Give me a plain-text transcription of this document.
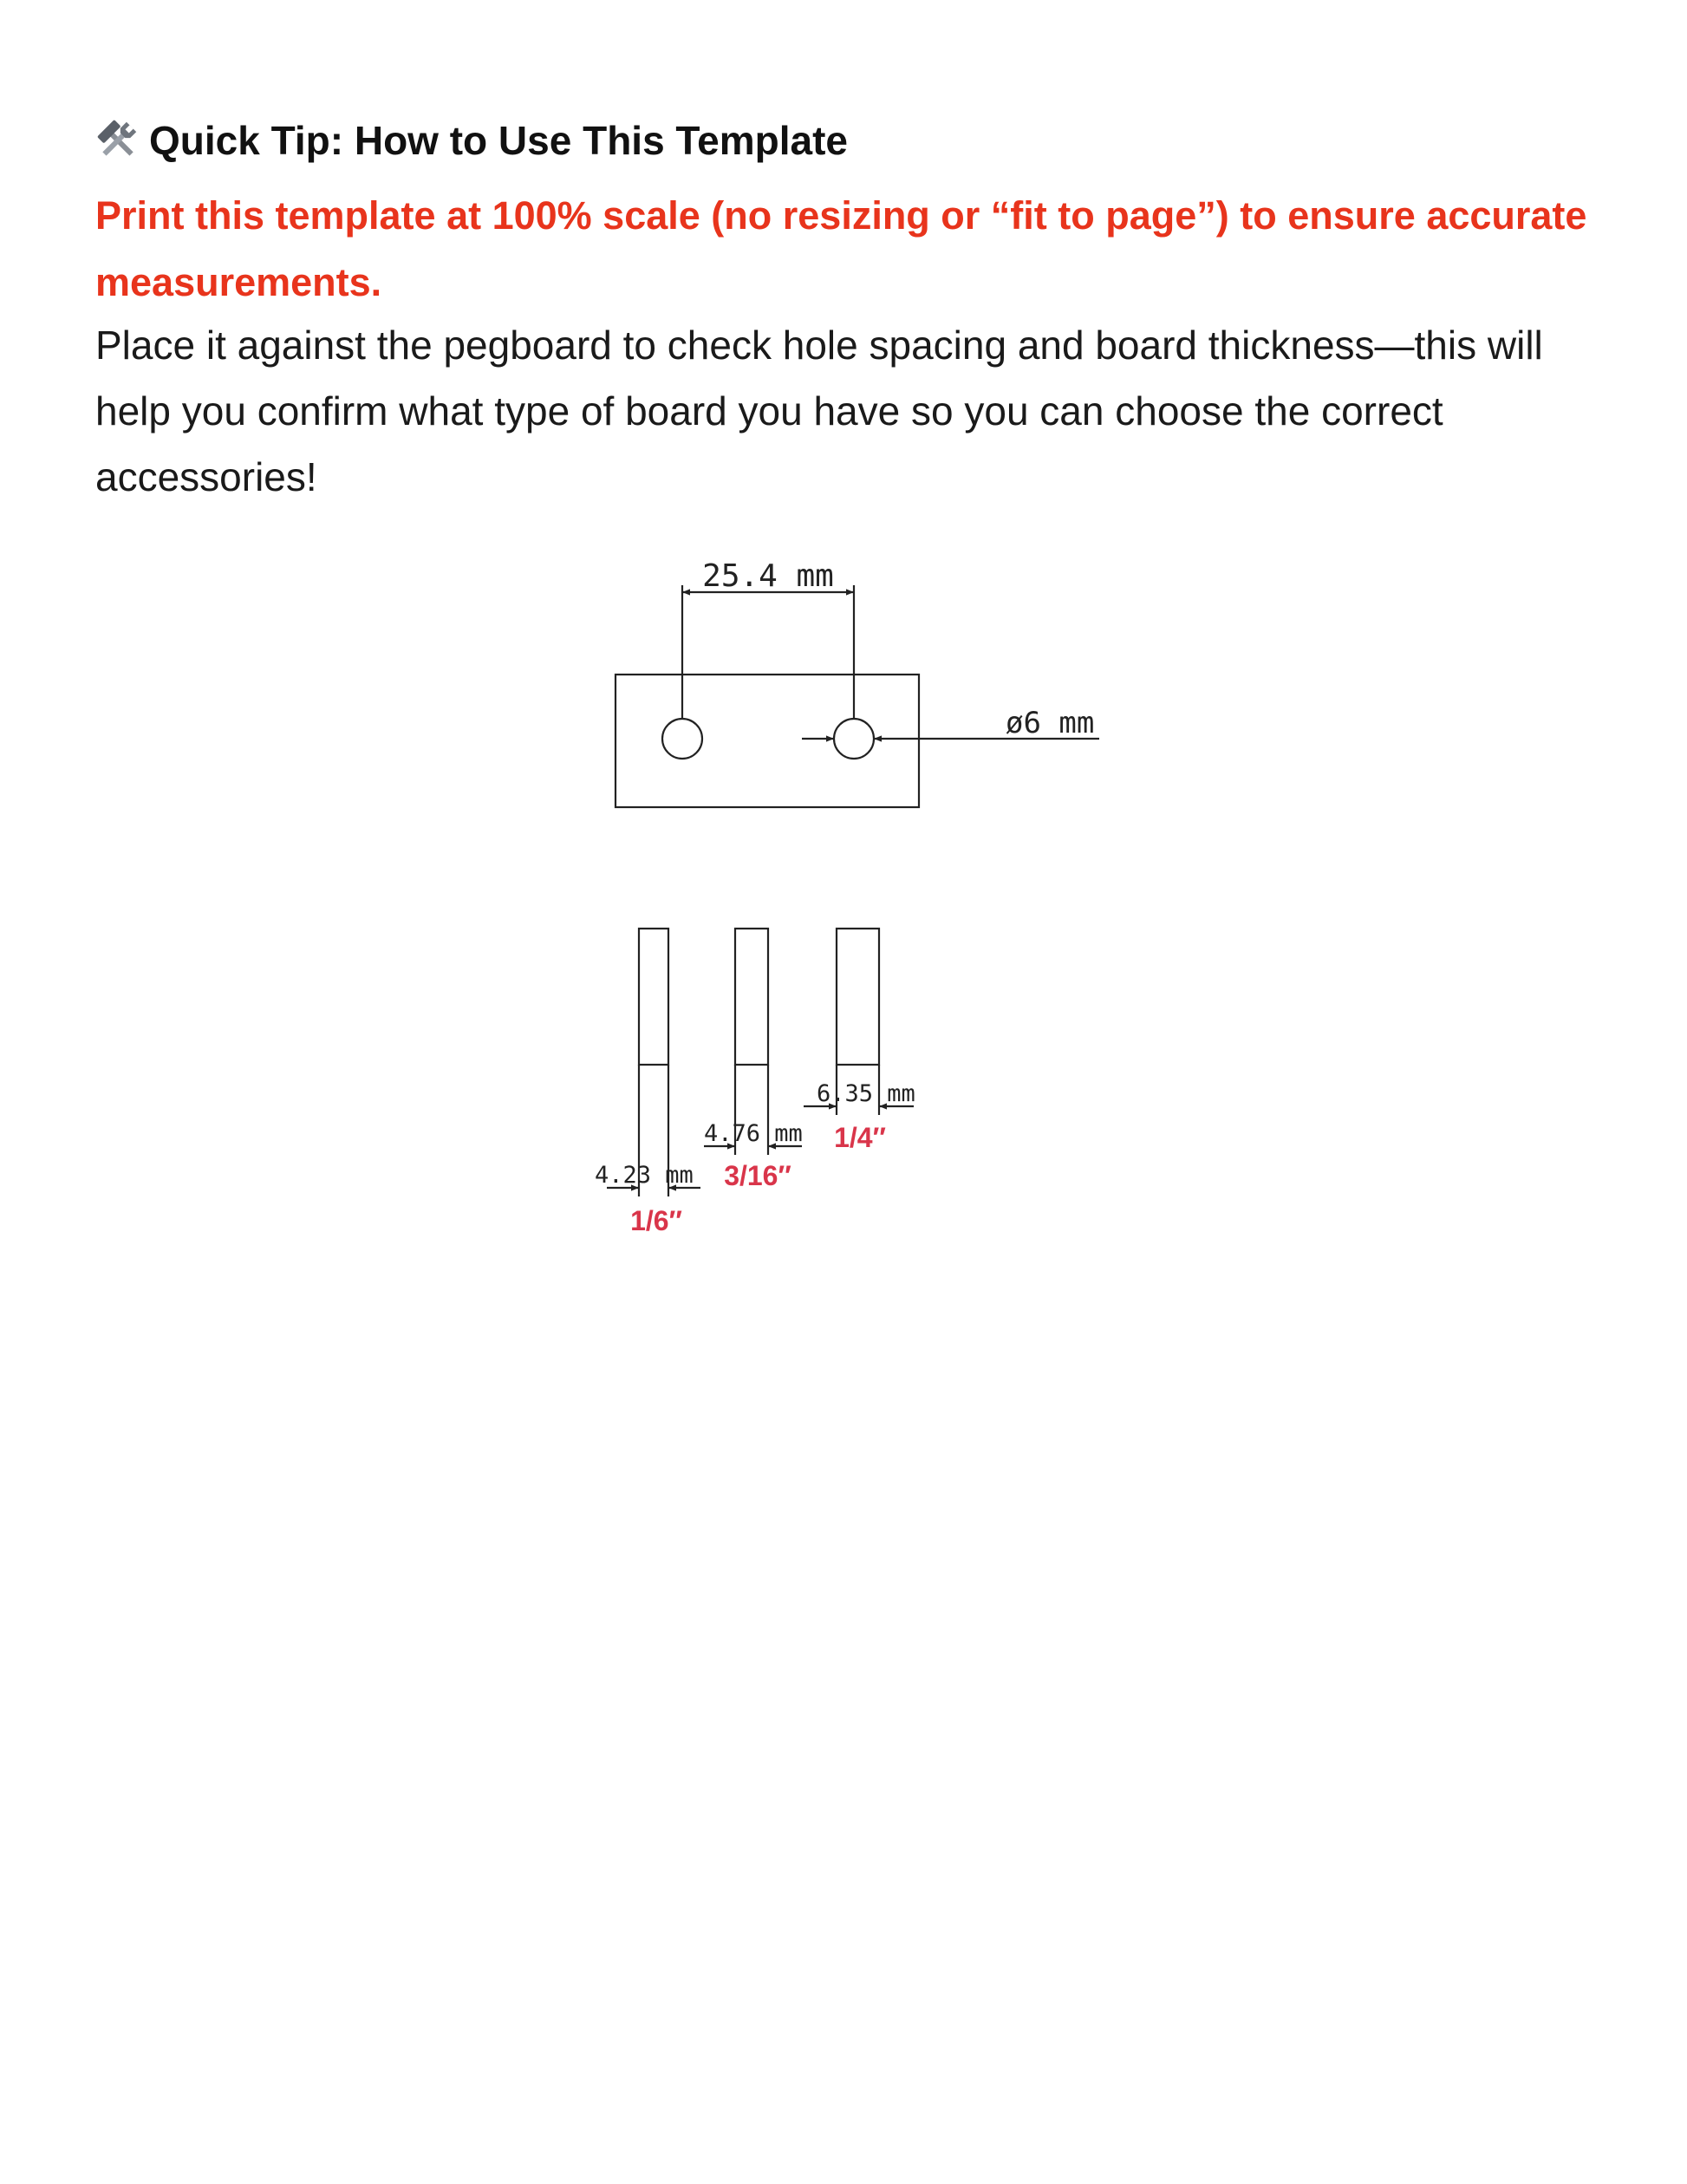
Quick Tip: How to Use This Template

Print this template at 100% scale (no resizing or “fit to page”) to ensure accurate measurements.

Place it against the pegboard to check hole spacing and board thickness—this will help you confirm what type of board you have so you can choose the correct accessories!

25.4 mm
ø6 mm
4.23 mm
1/6″
4.76 mm
3/16″
6.35 mm
1/4″
